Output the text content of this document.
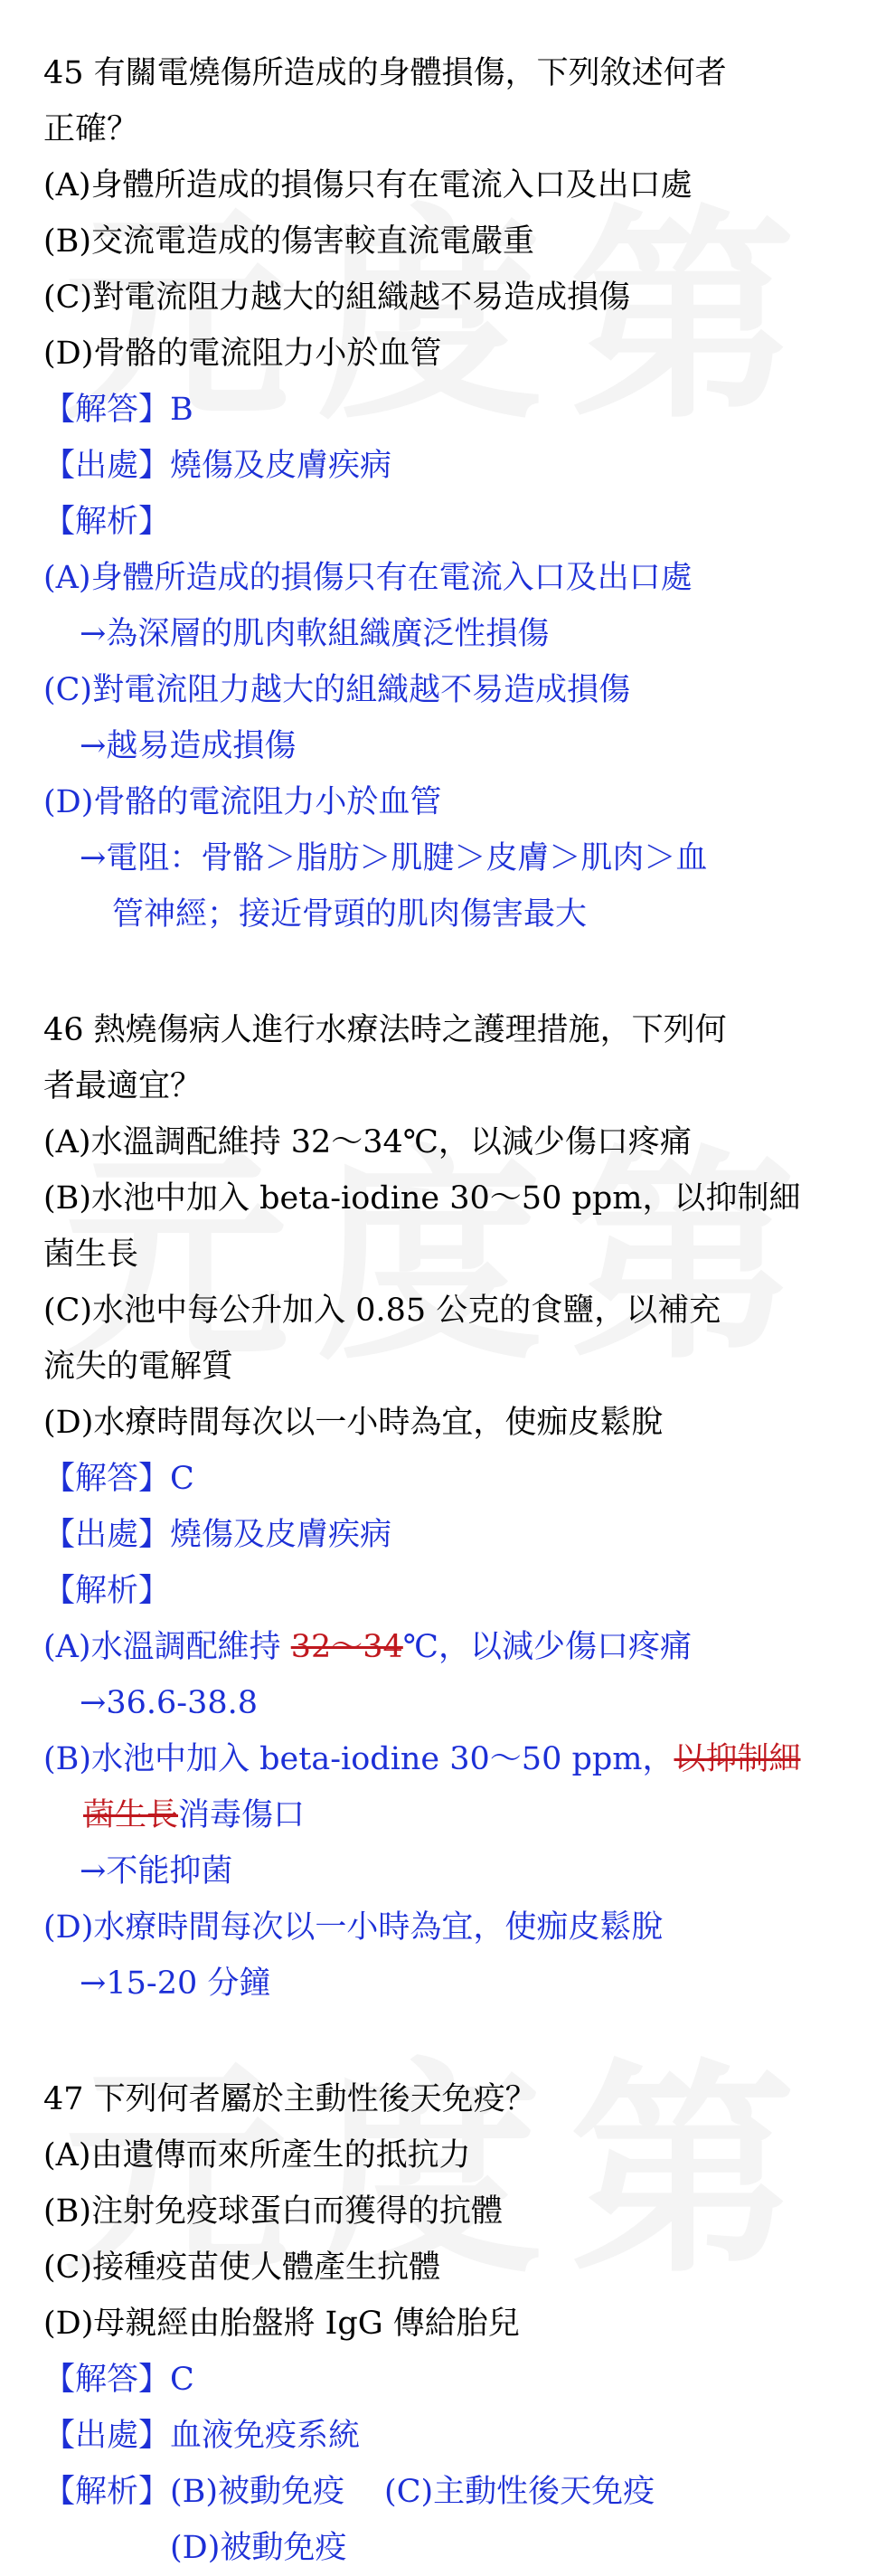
45 有關電燒傷所造成的身體損傷，下列敘述何者
正確？
(A)身體所造成的損傷只有在電流入口及出口處
(B)交流電造成的傷害較直流電嚴重
(C)對電流阻力越大的組織越不易造成損傷
(D)骨骼的電流阻力小於血管
【解答】B
【出處】燒傷及皮膚疾病
【解析】
(A)身體所造成的損傷只有在電流入口及出口處
→為深層的肌肉軟組織廣泛性損傷
(C)對電流阻力越大的組織越不易造成損傷
→越易造成損傷
(D)骨骼的電流阻力小於血管
→電阻：骨骼＞脂肪＞肌腱＞皮膚＞肌肉＞血
管神經；接近骨頭的肌肉傷害最大
46 熱燒傷病人進行水療法時之護理措施，下列何
者最適宜？
(A)水溫調配維持 32～34℃，以減少傷口疼痛
(B)水池中加入 beta-iodine 30～50 ppm，以抑制細
菌生長
(C)水池中每公升加入 0.85 公克的食鹽，以補充
流失的電解質
(D)水療時間每次以一小時為宜，使痂皮鬆脫
【解答】C
【出處】燒傷及皮膚疾病
【解析】
(A)水溫調配維持 32～34℃，以減少傷口疼痛
→36.6-38.8
(B)水池中加入 beta-iodine 30～50 ppm，以抑制細
菌生長消毒傷口
→不能抑菌
(D)水療時間每次以一小時為宜，使痂皮鬆脫
→15-20 分鐘
47 下列何者屬於主動性後天免疫？
(A)由遺傳而來所產生的抵抗力
(B)注射免疫球蛋白而獲得的抗體
(C)接種疫苗使人體產生抗體
(D)母親經由胎盤將 IgG 傳給胎兒
【解答】C
【出處】血液免疫系統
【解析】 (B)被動免疫 (C)主動性後天免疫
(D)被動免疫
